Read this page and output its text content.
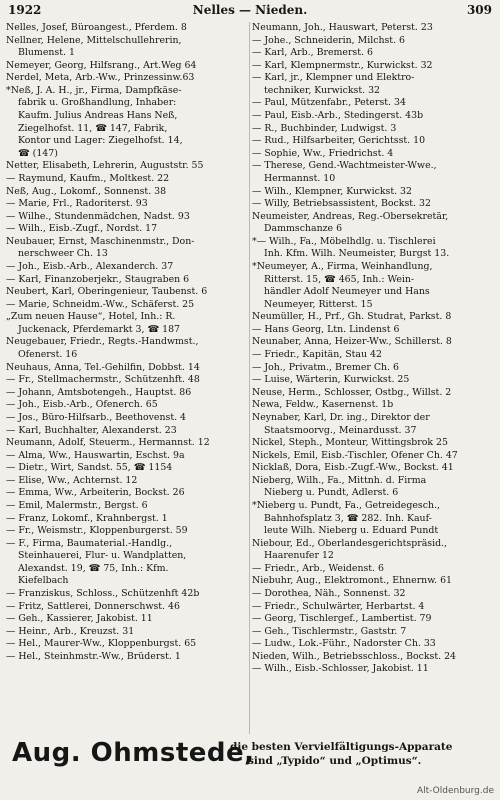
1922	Nelles — Nieden.	309

Nelles, Josef, Büroangest., Pferdem. 8

Nellner, Helene, Mittelschullehrerin,
Blumenst. 1

Nemeyer, Georg, Hilfsrang., Art.Weg 64

Nerdel, Meta, Arb.-Ww., Prinzessinw.63

*Neß, J. A. H., jr., Firma, Dampfkäse-
fabrik u. Großhandlung, Inhaber:
Kaufm. Julius Andreas Hans Neß,
Ziegelhofst. 11, ☎ 147, Fabrik,
Kontor und Lager: Ziegelhofst. 14,
☎ (147)

Netter, Elisabeth, Lehrerin, Auguststr. 55

— Raymund, Kaufm., Moltkest. 22

Neß, Aug., Lokomf., Sonnenst. 38

— Marie, Frl., Radoriterst. 93

— Wilhe., Stundenmädchen, Nadst. 93

— Wilh., Eisb.-Zugf., Nordst. 17

Neubauer, Ernst, Maschinenmstr., Don-
nerschweer Ch. 13

— Joh., Eisb.-Arb., Alexanderch. 37

— Karl, Finanzoberjekr., Staugraben 6

Neubert, Karl, Oberingenieur, Taubenst. 6

— Marie, Schneidm.-Ww., Schäferst. 25

„Zum neuen Hause“, Hotel, Inh.: R.
Juckenack, Pferdemarkt 3, ☎ 187

Neugebauer, Friedr., Regts.-Handwmst.,
Ofenerst. 16

Neuhaus, Anna, Tel.-Gehilfin, Dobbst. 14

— Fr., Stellmachermstr., Schützenhft. 48

— Johann, Amtsbotengeh., Hauptst. 86

— Joh., Eisb.-Arb., Ofenerch. 65

— Jos., Büro-Hilfsarb., Beethovenst. 4

— Karl, Buchhalter, Alexanderst. 23

Neumann, Adolf, Steuerm., Hermannst. 12

— Alma, Ww., Hauswartin, Eschst. 9a

— Dietr., Wirt, Sandst. 55, ☎ 1154

— Elise, Ww., Achternst. 12

— Emma, Ww., Arbeiterin, Bockst. 26

— Emil, Malermstr., Bergst. 6

— Franz, Lokomf., Krahnbergst. 1

— Fr., Weismstr., Kloppenburgerst. 59

— F., Firma, Baumaterial.-Handlg.,
Steinhauerei, Flur- u. Wandplatten,
Alexandst. 19, ☎ 75, Inh.: Kfm.
Kiefelbach

— Franziskus, Schloss., Schützenhft 42b

— Fritz, Sattlerei, Donnerschwst. 46

— Geh., Kassierer, Jakobist. 11

— Heinr., Arb., Kreuzst. 31

— Hel., Maurer-Ww., Kloppenburgst. 65

— Hel., Steinhmstr.-Ww., Brüderst. 1

Neumann, Joh., Hauswart, Peterst. 23

— Johe., Schneiderin, Milchst. 6

— Karl, Arb., Bremerst. 6

— Karl, Klempnermstr., Kurwickst. 32

— Karl, jr., Klempner und Elektro-
techniker, Kurwickst. 32

— Paul, Mützenfabr., Peterst. 34

— Paul, Eisb.-Arb., Stedingerst. 43b

— R., Buchbinder, Ludwigst. 3

— Rud., Hilfsarbeiter, Gerichtsst. 10

— Sophie, Ww., Friedrichst. 4

— Therese, Gend.-Wachtmeister-Wwe.,
Hermannst. 10

— Wilh., Klempner, Kurwickst. 32

— Willy, Betriebsassistent, Bockst. 32

Neumeister, Andreas, Reg.-Obersekretär,
Dammschanze 6

*— Wilh., Fa., Möbelhdlg. u. Tischlerei
Inh. Kfm. Wilh. Neumeister, Burgst 13.

*Neumeyer, A., Firma, Weinhandlung,
Ritterst. 15, ☎ 465, Inh.: Wein-
händler Adolf Neumeyer und Hans
Neumeyer, Ritterst. 15

Neumüller, H., Prf., Gh. Studrat, Parkst. 8

— Hans Georg, Ltn. Lindenst 6

Neunaber, Anna, Heizer-Ww., Schillerst. 8

— Friedr., Kapitän, Stau 42

— Joh., Privatm., Bremer Ch. 6

— Luise, Wärterin, Kurwickst. 25

Neuse, Herm., Schlosser, Ostbg., Willst. 2

Newa, Feldw., Kasernenst. 1b

Neynaber, Karl, Dr. ing., Direktor der
Staatsmoorvg., Meinardusst. 37

Nickel, Steph., Monteur, Wittingsbrok 25

Nickels, Emil, Eisb.-Tischler, Ofener Ch. 47

Nicklaß, Dora, Eisb.-Zugf.-Ww., Bockst. 41

Nieberg, Wilh., Fa., Mittnh. d. Firma
Nieberg u. Pundt, Adlerst. 6

*Nieberg u. Pundt, Fa., Getreidegesch.,
Bahnhofsplatz 3, ☎ 282. Inh. Kauf-
leute Wilh. Nieberg u. Eduard Pundt

Niebour, Ed., Oberlandesgerichtspräsid.,
Haarenufer 12

— Friedr., Arb., Weidenst. 6

Niebuhr, Aug., Elektromont., Ehnernw. 61

— Dorothea, Näh., Sonnenst. 32

— Friedr., Schulwärter, Herbartst. 4

— Georg, Tischlergef., Lambertist. 79

— Geh., Tischlermstr., Gaststr. 7

— Ludw., Lok.-Führ., Nadorster Ch. 33

Nieden, Wilh., Betriebsschloss., Bockst. 24

— Wilh., Eisb.-Schlosser, Jakobist. 11

Aug. Ohmstede,
die besten Vervielfältigungs-Apparate
sind „Typido“ und „Optimus“.
Alt-Oldenburg.de
